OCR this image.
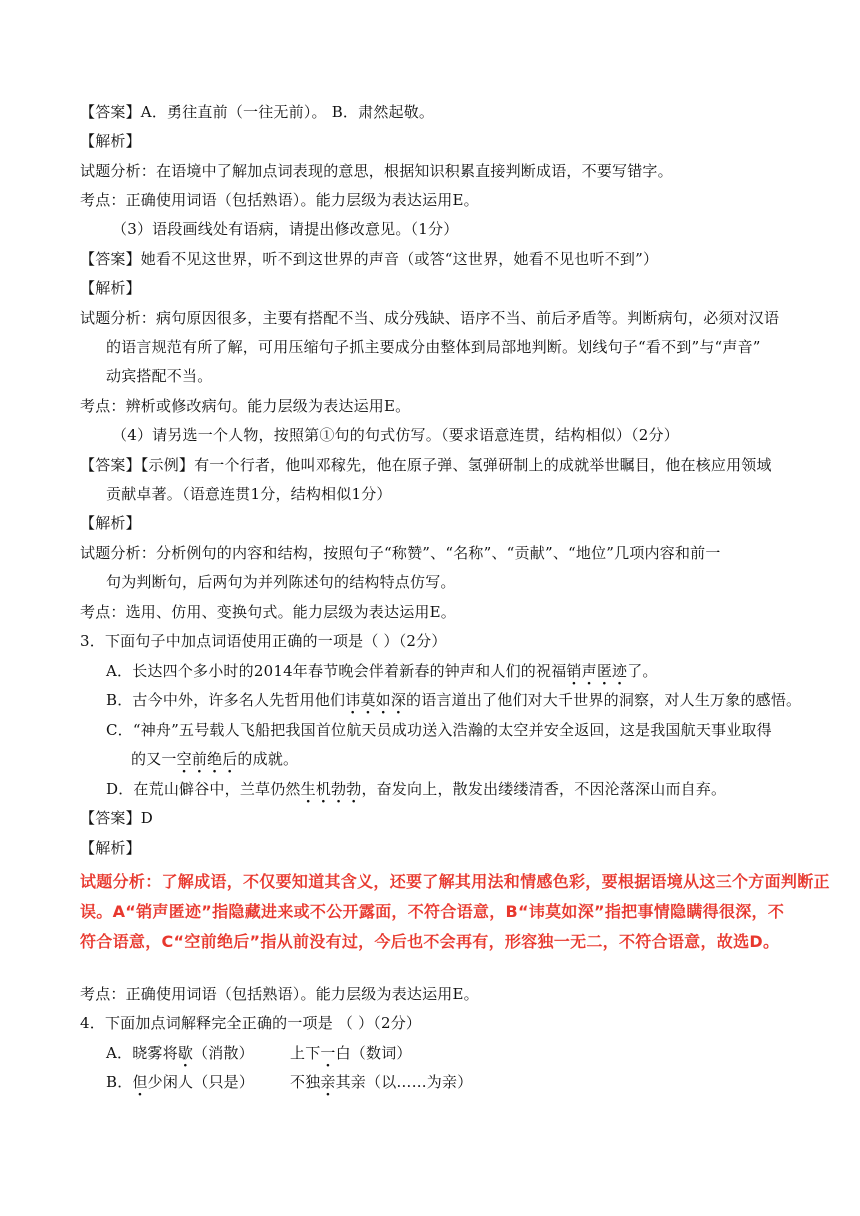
【答案】A．勇往直前（一往无前）。 B．肃然起敬。
【解析】
试题分析：在语境中了解加点词表现的意思，根据知识积累直接判断成语，不要写错字。
考点：正确使用词语（包括熟语）。能力层级为表达运用E。
（3）语段画线处有语病，请提出修改意见。（1分）
【答案】她看不见这世界，听不到这世界的声音（或答“这世界，她看不见也听不到”）
【解析】
试题分析：病句原因很多，主要有搭配不当、成分残缺、语序不当、前后矛盾等。判断病句，必须对汉语
的语言规范有所了解，可用压缩句子抓主要成分由整体到局部地判断。划线句子“看不到”与“声音”
动宾搭配不当。
考点：辨析或修改病句。能力层级为表达运用E。
（4）请另选一个人物，按照第①句的句式仿写。（要求语意连贯，结构相似）（2分）
【答案】【示例】有一个行者，他叫邓稼先，他在原子弹、氢弹研制上的成就举世瞩目，他在核应用领域
贡献卓著。（语意连贯1分，结构相似1分）
【解析】
试题分析：分析例句的内容和结构，按照句子“称赞”、“名称”、“贡献”、“地位”几项内容和前一
句为判断句，后两句为并列陈述句的结构特点仿写。
考点：选用、仿用、变换句式。能力层级为表达运用E。
3．下面句子中加点词语使用正确的一项是（ ）（2分）
A．长达四个多小时的2014年春节晚会伴着新春的钟声和人们的祝福销声匿迹了。
B．古今中外，许多名人先哲用他们讳莫如深的语言道出了他们对大千世界的洞察，对人生万象的感悟。
C．“神舟”五号载人飞船把我国首位航天员成功送入浩瀚的太空并安全返回，这是我国航天事业取得
的又一空前绝后的成就。
D．在荒山僻谷中，兰草仍然生机勃勃，奋发向上，散发出缕缕清香，不因沦落深山而自弃。
【答案】D
【解析】
试题分析：了解成语，不仅要知道其含义，还要了解其用法和情感色彩，要根据语境从这三个方面判断正
误。A“销声匿迹”指隐藏进来或不公开露面，不符合语意，B“讳莫如深”指把事情隐瞒得很深，不
符合语意，C“空前绝后”指从前没有过，今后也不会再有，形容独一无二，不符合语意，故选D。
考点：正确使用词语（包括熟语）。能力层级为表达运用E。
4．下面加点词解释完全正确的一项是 （ ）（2分）
A．晓雾将歇（消散）	上下一白（数词）
B．但少闲人（只是）	不独亲其亲（以……为亲）
